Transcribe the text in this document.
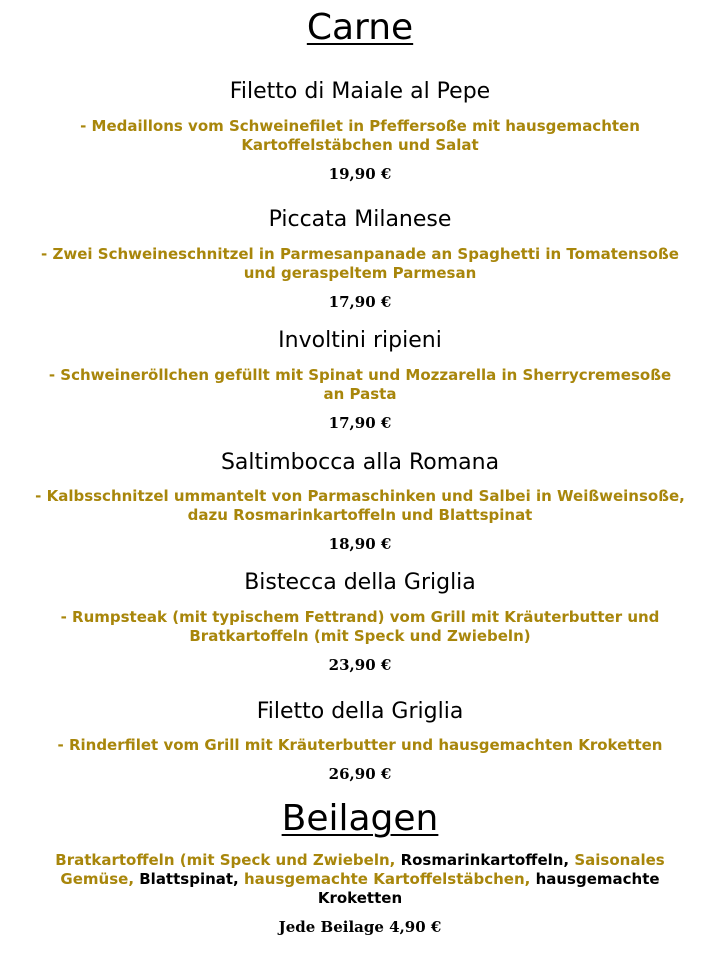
Carne
Filetto di Maiale al Pepe

- Medaillons vom Schweinefilet in Pfeffersoße mit hausgemachten

Kartoffelstäbchen und Salat

19,90 €

Piccata Milanese

- Zwei Schweineschnitzel in Parmesanpanade an Spaghetti in Tomatensoße

und geraspeltem Parmesan

17,90 €

Involtini ripieni

- Schweineröllchen gefüllt mit Spinat und Mozzarella in Sherrycremesoße

an Pasta

17,90 €

Saltimbocca alla Romana

- Kalbsschnitzel ummantelt von Parmaschinken und Salbei in Weißweinsoße,

dazu Rosmarinkartoffeln und Blattspinat

18,90 €

Bistecca della Griglia

- Rumpsteak (mit typischem Fettrand) vom Grill mit Kräuterbutter und

Bratkartoffeln (mit Speck und Zwiebeln)

23,90 €

Filetto della Griglia

- Rinderfilet vom Grill mit Kräuterbutter und hausgemachten Kroketten

26,90 €

Beilagen

Bratkartoffeln (mit Speck und Zwiebeln, Rosmarinkartoffeln, Saisonales

Gemüse, Blattspinat, hausgemachte Kartoffelstäbchen, hausgemachte

Kroketten

Jede Beilage 4,90 €
